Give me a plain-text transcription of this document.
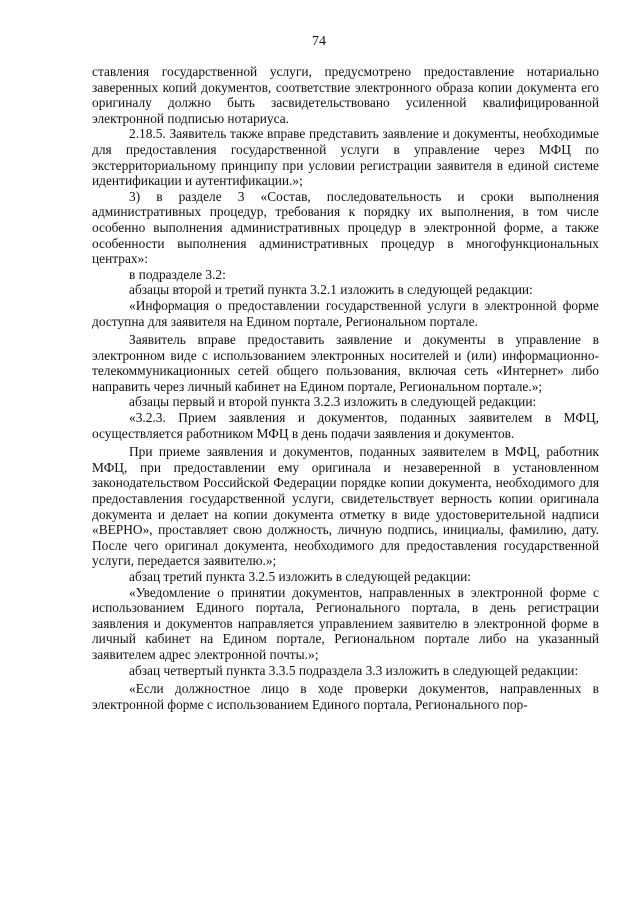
74

ставления государственной услуги, предусмотрено предоставление нотариально заверенных копий документов, соответствие электронного образа копии документа его оригиналу должно быть засвидетельствовано усиленной квалифицированной электронной подписью нотариуса.

2.18.5. Заявитель также вправе представить заявление и документы, необходимые для предоставления государственной услуги в управление через МФЦ по экстерриториальному принципу при условии регистрации заявителя в единой системе идентификации и аутентификации.»;

3) в разделе 3 «Состав, последовательность и сроки выполнения административных процедур, требования к порядку их выполнения, в том числе особенно выполнения административных процедур в электронной форме, а также особенности выполнения административных процедур в многофункциональных центрах»:

в подразделе 3.2:

абзацы второй и третий пункта 3.2.1 изложить в следующей редакции:

«Информация о предоставлении государственной услуги в электронной форме доступна для заявителя на Едином портале, Региональном портале.

Заявитель вправе предоставить заявление и документы в управление в электронном виде с использованием электронных носителей и (или) информационно-телекоммуникационных сетей общего пользования, включая сеть «Интернет» либо направить через личный кабинет на Едином портале, Региональном портале.»;

абзацы первый и второй пункта 3.2.3 изложить в следующей редакции:

«3.2.3. Прием заявления и документов, поданных заявителем в МФЦ, осуществляется работником МФЦ в день подачи заявления и документов.

При приеме заявления и документов, поданных заявителем в МФЦ, работник МФЦ, при предоставлении ему оригинала и незаверенной в установленном законодательством Российской Федерации порядке копии документа, необходимого для предоставления государственной услуги, свидетельствует верность копии оригинала документа и делает на копии документа отметку в виде удостоверительной надписи «ВЕРНО», проставляет свою должность, личную подпись, инициалы, фамилию, дату. После чего оригинал документа, необходимого для предоставления государственной услуги, передается заявителю.»;

абзац третий пункта 3.2.5 изложить в следующей редакции:

«Уведомление о принятии документов, направленных в электронной форме с использованием Единого портала, Регионального портала, в день регистрации заявления и документов направляется управлением заявителю в электронной форме в личный кабинет на Едином портале, Региональном портале либо на указанный заявителем адрес электронной почты.»;

абзац четвертый пункта 3.3.5 подраздела 3.3 изложить в следующей редакции:

«Если должностное лицо в ходе проверки документов, направленных в электронной форме с использованием Единого портала, Регионального пор-
